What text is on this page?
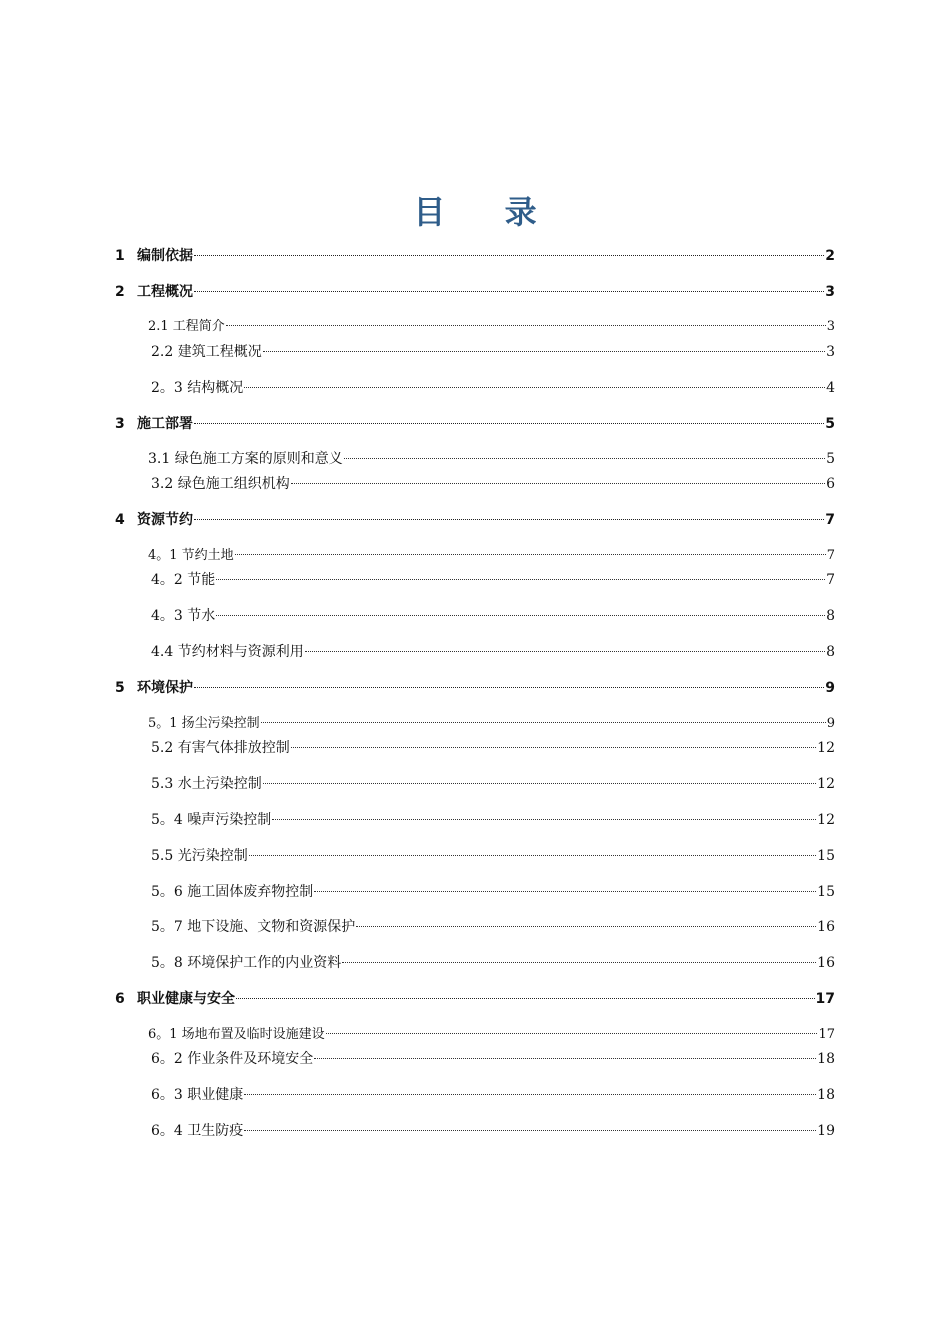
目 录
1 编制依据	2
2 工程概况	3
2.1 工程简介	3
2.2 建筑工程概况	3
2。3 结构概况	4
3 施工部署	5
3.1 绿色施工方案的原则和意义	5
3.2 绿色施工组织机构	6
4 资源节约	7
4。1 节约土地	7
4。2 节能	7
4。3 节水	8
4.4 节约材料与资源利用	8
5 环境保护	9
5。1 扬尘污染控制	9
5.2 有害气体排放控制	12
5.3 水土污染控制	12
5。4 噪声污染控制	12
5.5 光污染控制	15
5。6 施工固体废弃物控制	15
5。7 地下设施、文物和资源保护	16
5。8 环境保护工作的内业资料	16
6 职业健康与安全	17
6。1 场地布置及临时设施建设	17
6。2 作业条件及环境安全	18
6。3 职业健康	18
6。4 卫生防疫	19
